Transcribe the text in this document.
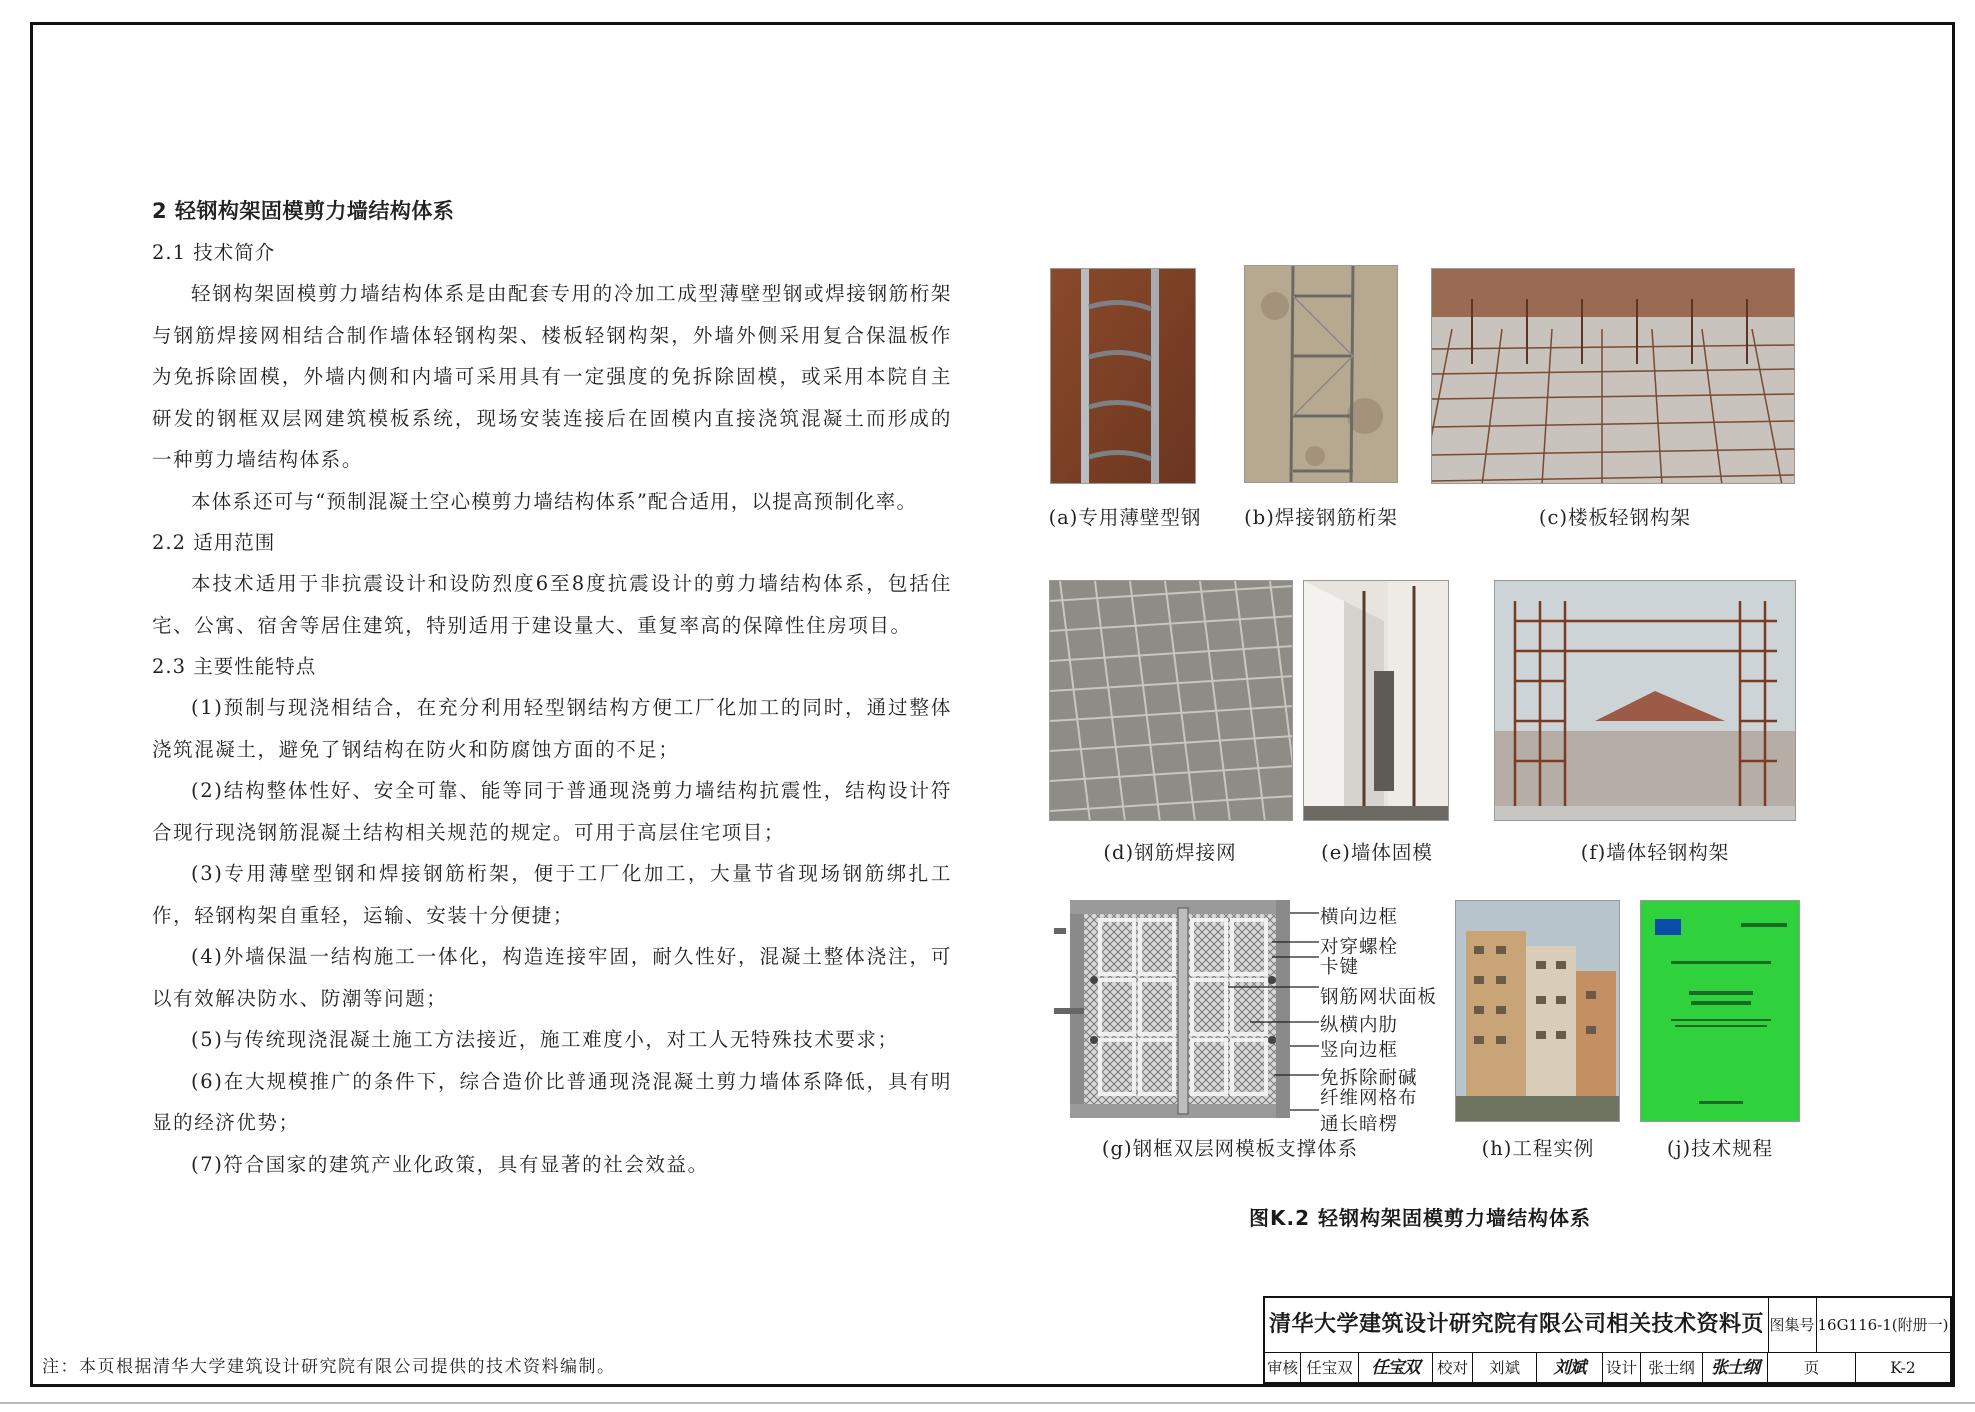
2 轻钢构架固模剪力墙结构体系
2.1 技术简介
轻钢构架固模剪力墙结构体系是由配套专用的冷加工成型薄壁型钢或焊接钢筋桁架与钢筋焊接网相结合制作墙体轻钢构架、楼板轻钢构架，外墙外侧采用复合保温板作为免拆除固模，外墙内侧和内墙可采用具有一定强度的免拆除固模，或采用本院自主研发的钢框双层网建筑模板系统，现场安装连接后在固模内直接浇筑混凝土而形成的一种剪力墙结构体系。
本体系还可与“预制混凝土空心模剪力墙结构体系”配合适用，以提高预制化率。
2.2 适用范围
本技术适用于非抗震设计和设防烈度6至8度抗震设计的剪力墙结构体系，包括住宅、公寓、宿舍等居住建筑，特别适用于建设量大、重复率高的保障性住房项目。
2.3 主要性能特点
(1)预制与现浇相结合，在充分利用轻型钢结构方便工厂化加工的同时，通过整体浇筑混凝土，避免了钢结构在防火和防腐蚀方面的不足；
(2)结构整体性好、安全可靠、能等同于普通现浇剪力墙结构抗震性，结构设计符合现行现浇钢筋混凝土结构相关规范的规定。可用于高层住宅项目；
(3)专用薄壁型钢和焊接钢筋桁架，便于工厂化加工，大量节省现场钢筋绑扎工作，轻钢构架自重轻，运输、安装十分便捷；
(4)外墙保温一结构施工一体化，构造连接牢固，耐久性好，混凝土整体浇注，可以有效解决防水、防潮等问题；
(5)与传统现浇混凝土施工方法接近，施工难度小，对工人无特殊技术要求；
(6)在大规模推广的条件下，综合造价比普通现浇混凝土剪力墙体系降低，具有明显的经济优势；
(7)符合国家的建筑产业化政策，具有显著的社会效益。
(a)专用薄壁型钢	(b)焊接钢筋桁架	(c)楼板轻钢构架
(d)钢筋焊接网	(e)墙体固模	(f)墙体轻钢构架
横向边框
对穿螺栓
卡键
钢筋网状面板
纵横内肋
竖向边框
免拆除耐碱
纤维网格布
通长暗楞
(g)钢框双层网模板支撑体系	(h)工程实例	(j)技术规程
图K.2 轻钢构架固模剪力墙结构体系
清华大学建筑设计研究院有限公司相关技术资料页 图集号 16G116-1(附册一)
审核 任宝双	任宝双	校对	刘斌	刘斌	设计 张士纲 张士纲	页	K-2
注：本页根据清华大学建筑设计研究院有限公司提供的技术资料编制。
